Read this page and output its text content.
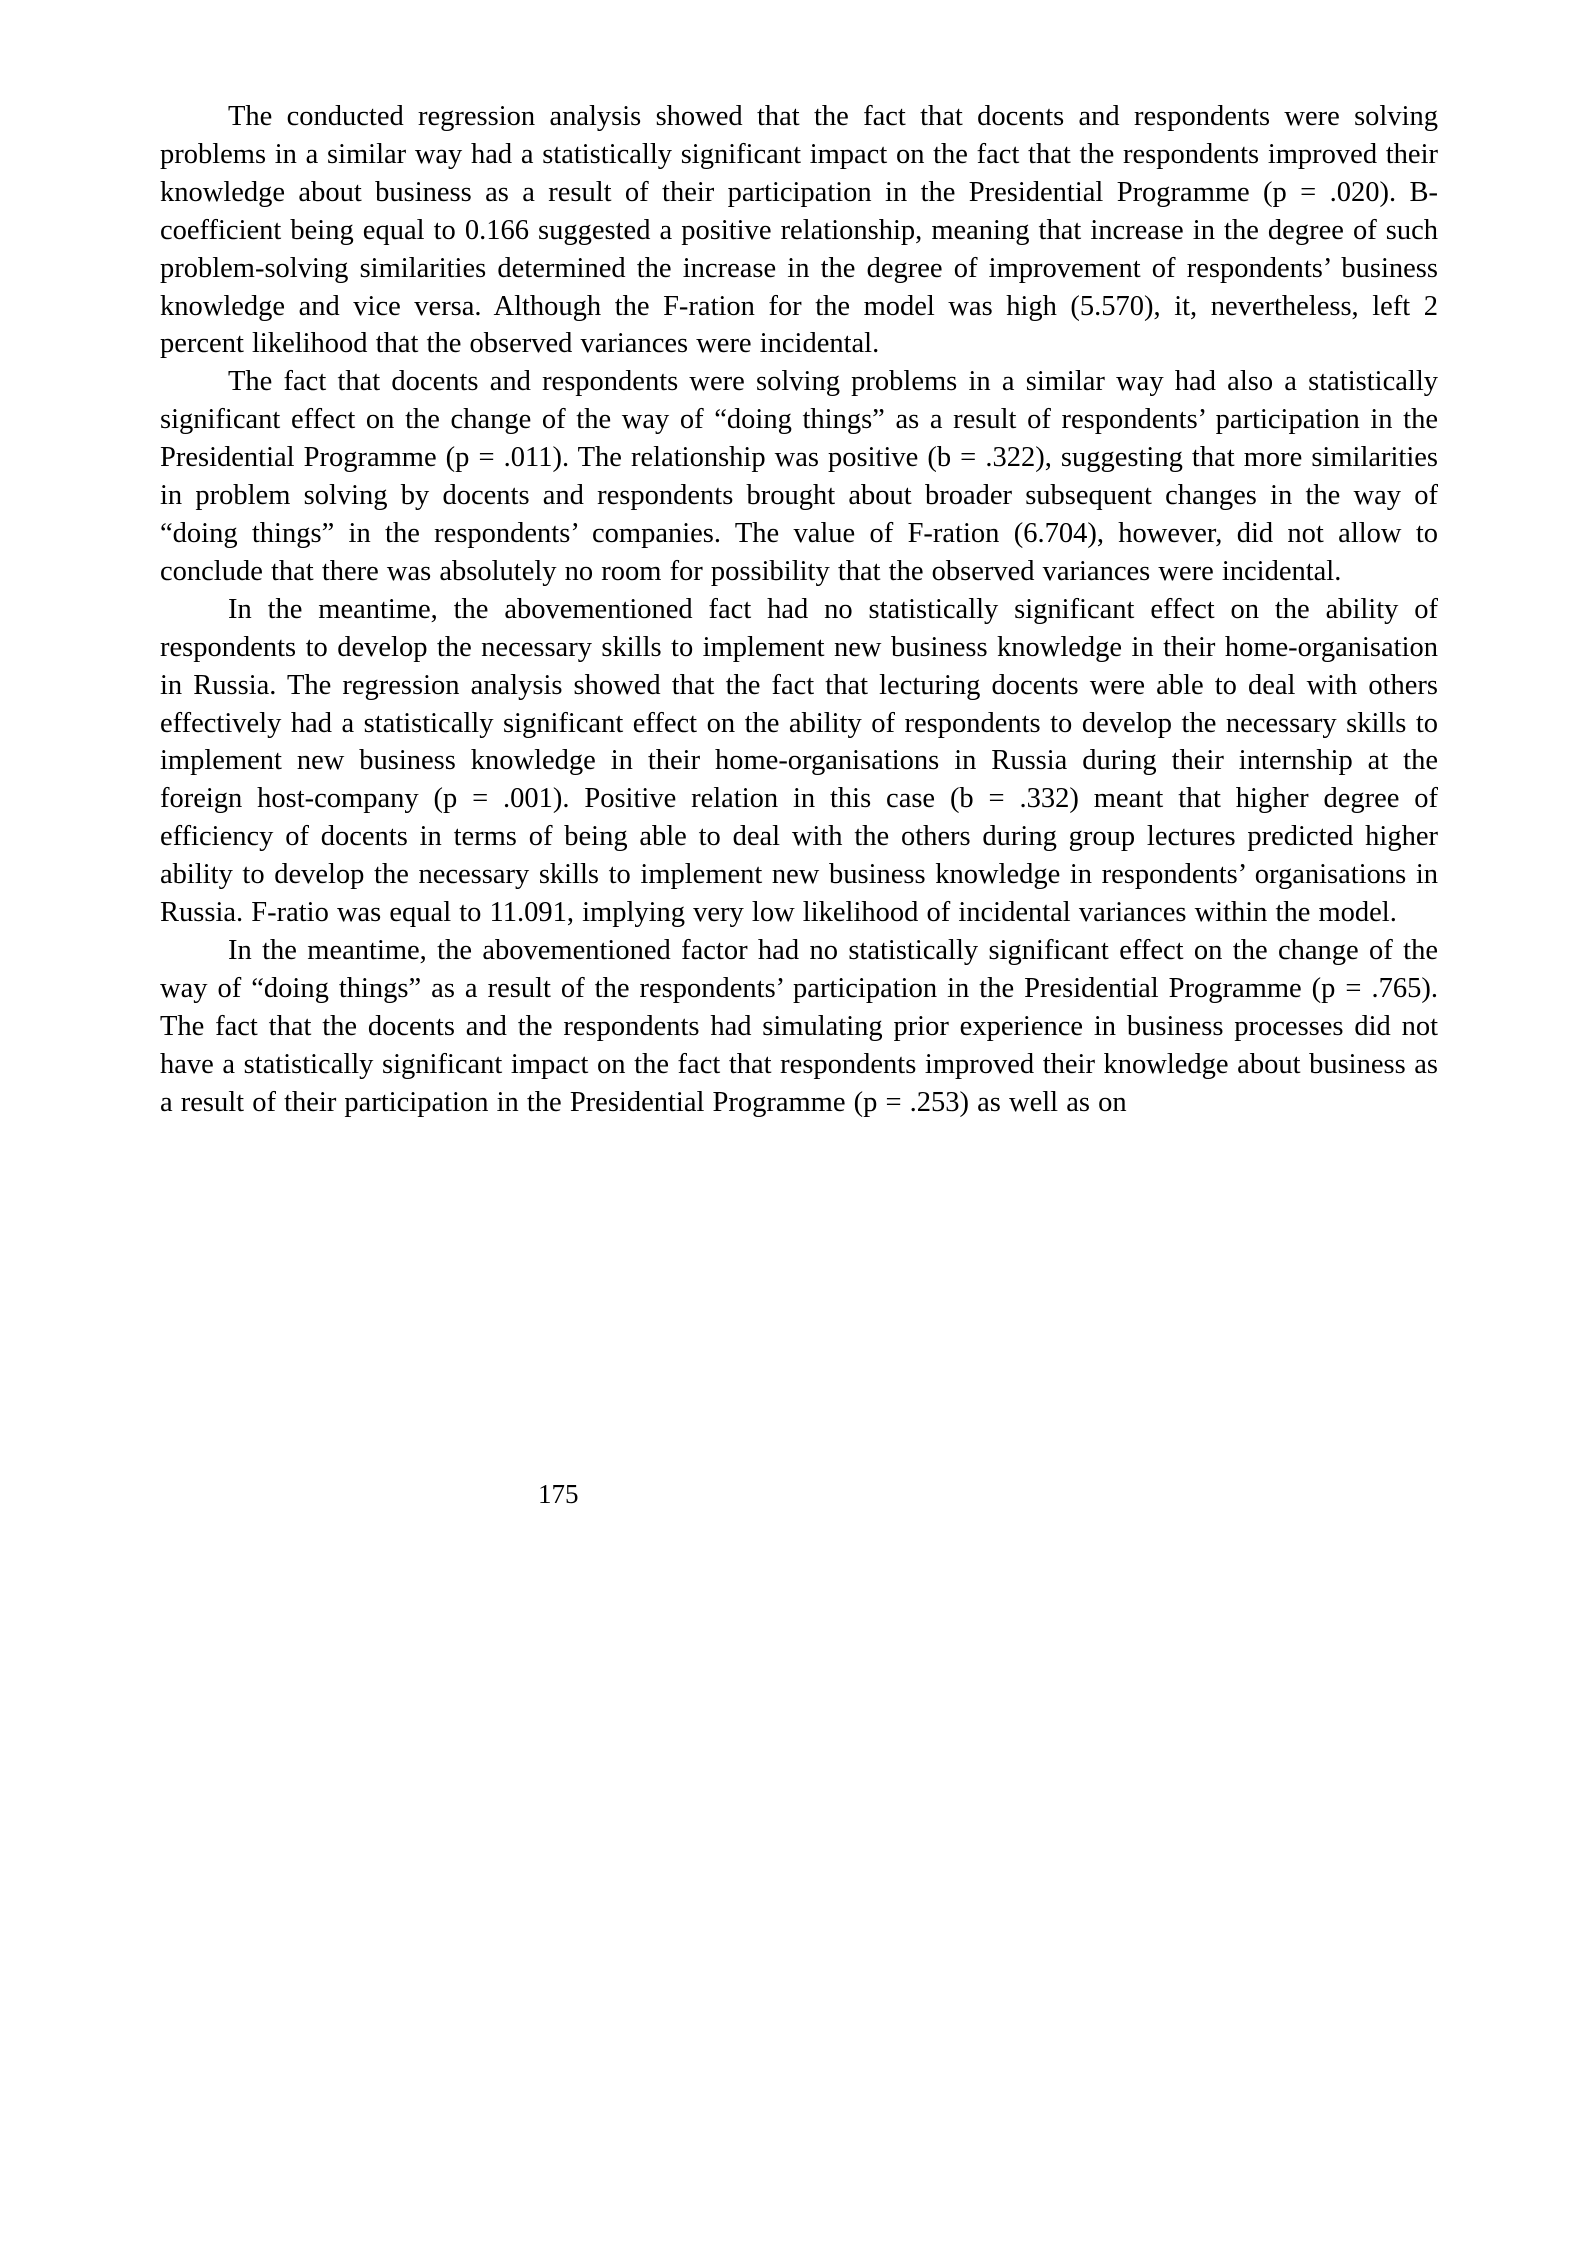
The conducted regression analysis showed that the fact that docents and respondents were solving problems in a similar way had a statistically significant impact on the fact that the respondents improved their knowledge about business as a result of their participation in the Presidential Programme (p = .020). B-coefficient being equal to 0.166 suggested a positive relationship, meaning that increase in the degree of such problem-solving similarities determined the increase in the degree of improvement of respondents’ business knowledge and vice versa. Although the F-ration for the model was high (5.570), it, nevertheless, left 2 percent likelihood that the observed variances were incidental.

The fact that docents and respondents were solving problems in a similar way had also a statistically significant effect on the change of the way of “doing things” as a result of respondents’ participation in the Presidential Programme (p = .011). The relationship was positive (b = .322), suggesting that more similarities in problem solving by docents and respondents brought about broader subsequent changes in the way of “doing things” in the respondents’ companies. The value of F-ration (6.704), however, did not allow to conclude that there was absolutely no room for possibility that the observed variances were incidental.

In the meantime, the abovementioned fact had no statistically significant effect on the ability of respondents to develop the necessary skills to implement new business knowledge in their home-organisation in Russia. The regression analysis showed that the fact that lecturing docents were able to deal with others effectively had a statistically significant effect on the ability of respondents to develop the necessary skills to implement new business knowledge in their home-organisations in Russia during their internship at the foreign host-company (p = .001). Positive relation in this case (b = .332) meant that higher degree of efficiency of docents in terms of being able to deal with the others during group lectures predicted higher ability to develop the necessary skills to implement new business knowledge in respondents’ organisations in Russia. F-ratio was equal to 11.091, implying very low likelihood of incidental variances within the model.

In the meantime, the abovementioned factor had no statistically significant effect on the change of the way of “doing things” as a result of the respondents’ participation in the Presidential Programme (p = .765). The fact that the docents and the respondents had simulating prior experience in business processes did not have a statistically significant impact on the fact that respondents improved their knowledge about business as a result of their participation in the Presidential Programme (p = .253) as well as on

175
